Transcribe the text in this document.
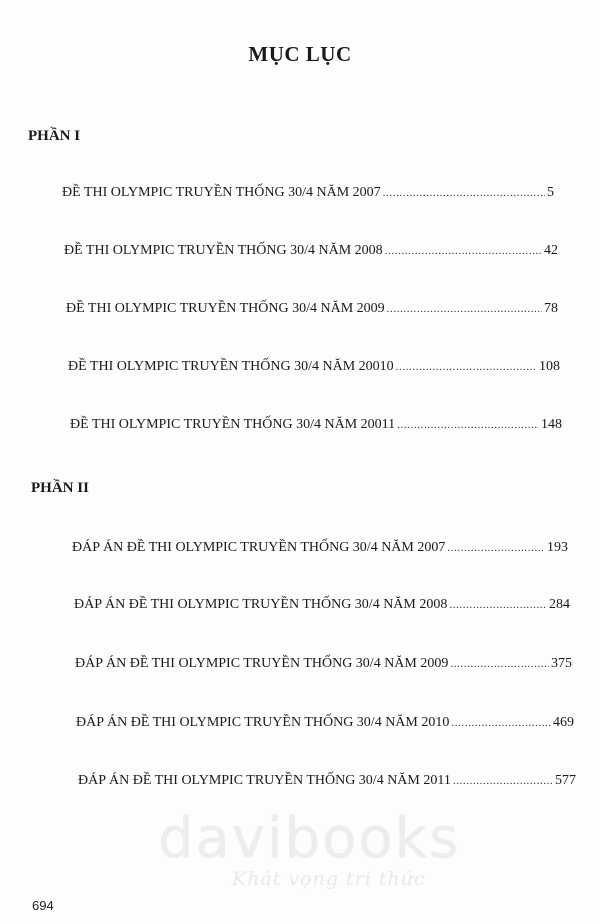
MỤC LỤC
PHẦN I
ĐỀ THI OLYMPIC TRUYỀN THỐNG 30/4 NĂM 2007 .....	5
ĐỀ THI OLYMPIC TRUYỀN THỐNG 30/4 NĂM 2008 .....	42
ĐỀ THI OLYMPIC TRUYỀN THỐNG 30/4 NĂM 2009 .....	78
ĐỀ THI OLYMPIC TRUYỀN THỐNG 30/4 NĂM 20010 .....	108
ĐỀ THI OLYMPIC TRUYỀN THỐNG 30/4 NĂM 20011 .....	148
PHẦN II
ĐÁP ÁN ĐỀ THI OLYMPIC TRUYỀN THỐNG 30/4 NĂM 2007 .....	193
ĐÁP ÁN ĐỀ THI OLYMPIC TRUYỀN THỐNG 30/4 NĂM 2008 .....	284
ĐÁP ÁN ĐỀ THI OLYMPIC TRUYỀN THỐNG 30/4 NĂM 2009 .....	375
ĐÁP ÁN ĐỀ THI OLYMPIC TRUYỀN THỐNG 30/4 NĂM 2010 .....	469
ĐÁP ÁN ĐỀ THI OLYMPIC TRUYỀN THỐNG 30/4 NĂM 2011 .....	577
davibooks
Khát vọng tri thức
694
